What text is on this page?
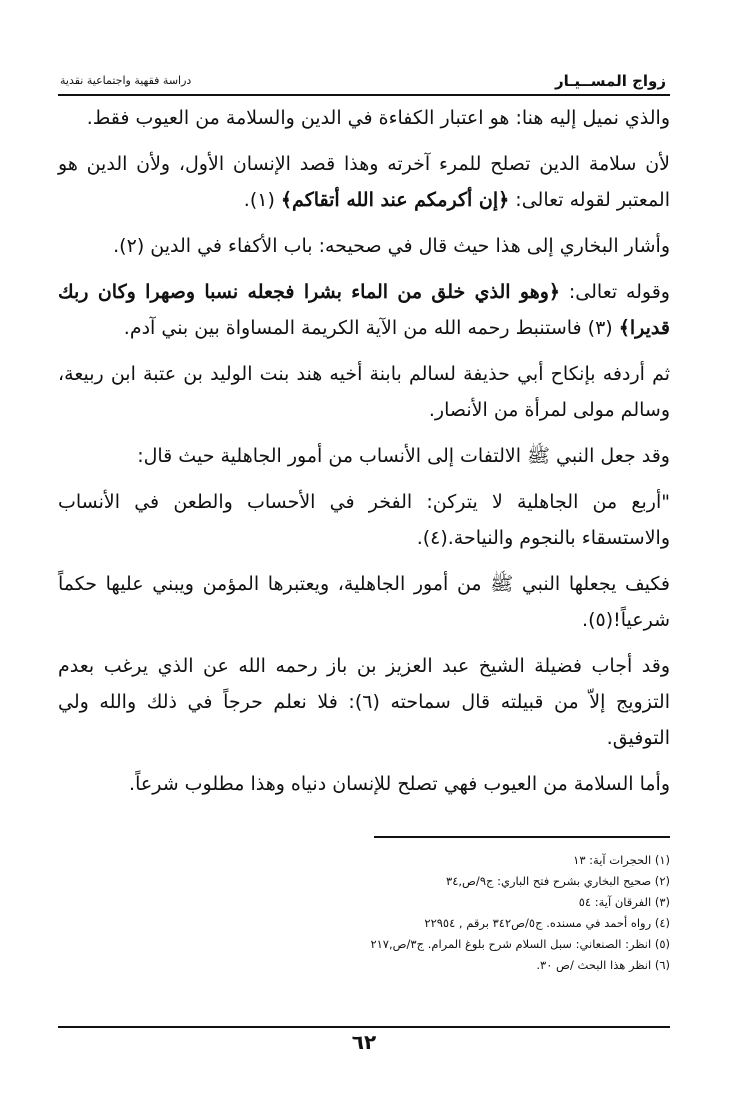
زواج المســيـار
دراسة فقهية واجتماعية نقدية

والذي نميل إليه هنا: هو اعتبار الكفاءة في الدين والسلامة من العيوب فقط.

لأن سلامة الدين تصلح للمرء آخرته وهذا قصد الإنسان الأول، ولأن الدين هو المعتبر لقوله تعالى: ﴿إن أكرمكم عند الله أتقاكم﴾ (١).

وأشار البخاري إلى هذا حيث قال في صحيحه: باب الأكفاء في الدين (٢).

وقوله تعالى: ﴿وهو الذي خلق من الماء بشرا فجعله نسبا وصهرا وكان ربك قديرا﴾ (٣) فاستنبط رحمه الله من الآية الكريمة المساواة بين بني آدم.

ثم أردفه بإنكاح أبي حذيفة لسالم بابنة أخيه هند بنت الوليد بن عتبة ابن ربيعة، وسالم مولى لمرأة من الأنصار.

وقد جعل النبي ﷺ الالتفات إلى الأنساب من أمور الجاهلية حيث قال:

"أربع من الجاهلية لا يتركن: الفخر في الأحساب والطعن في الأنساب والاستسقاء بالنجوم والنياحة.(٤).

فكيف يجعلها النبي ﷺ من أمور الجاهلية، ويعتبرها المؤمن ويبني عليها حكماً شرعياً!(٥).

وقد أجاب فضيلة الشيخ عبد العزيز بن باز رحمه الله عن الذي يرغب بعدم التزويج إلاّ من قبيلته قال سماحته (٦): فلا نعلم حرجاً في ذلك والله ولي التوفيق.

وأما السلامة من العيوب فهي تصلح للإنسان دنياه وهذا مطلوب شرعاً.

(١) الحجرات آية: ١٣
(٢) صحيح البخاري بشرح فتح الباري: ج٩/ص,٣٤
(٣) الفرقان آية: ٥٤
(٤) رواه أحمد في مسنده. ج٥/ص٣٤٢ برقم , ٢٢٩٥٤
(٥) انظر: الصنعاني: سبل السلام شرح بلوغ المرام. ج٣/ص,٢١٧
(٦) انظر هذا البحث /ص ٣٠.
٦٢
